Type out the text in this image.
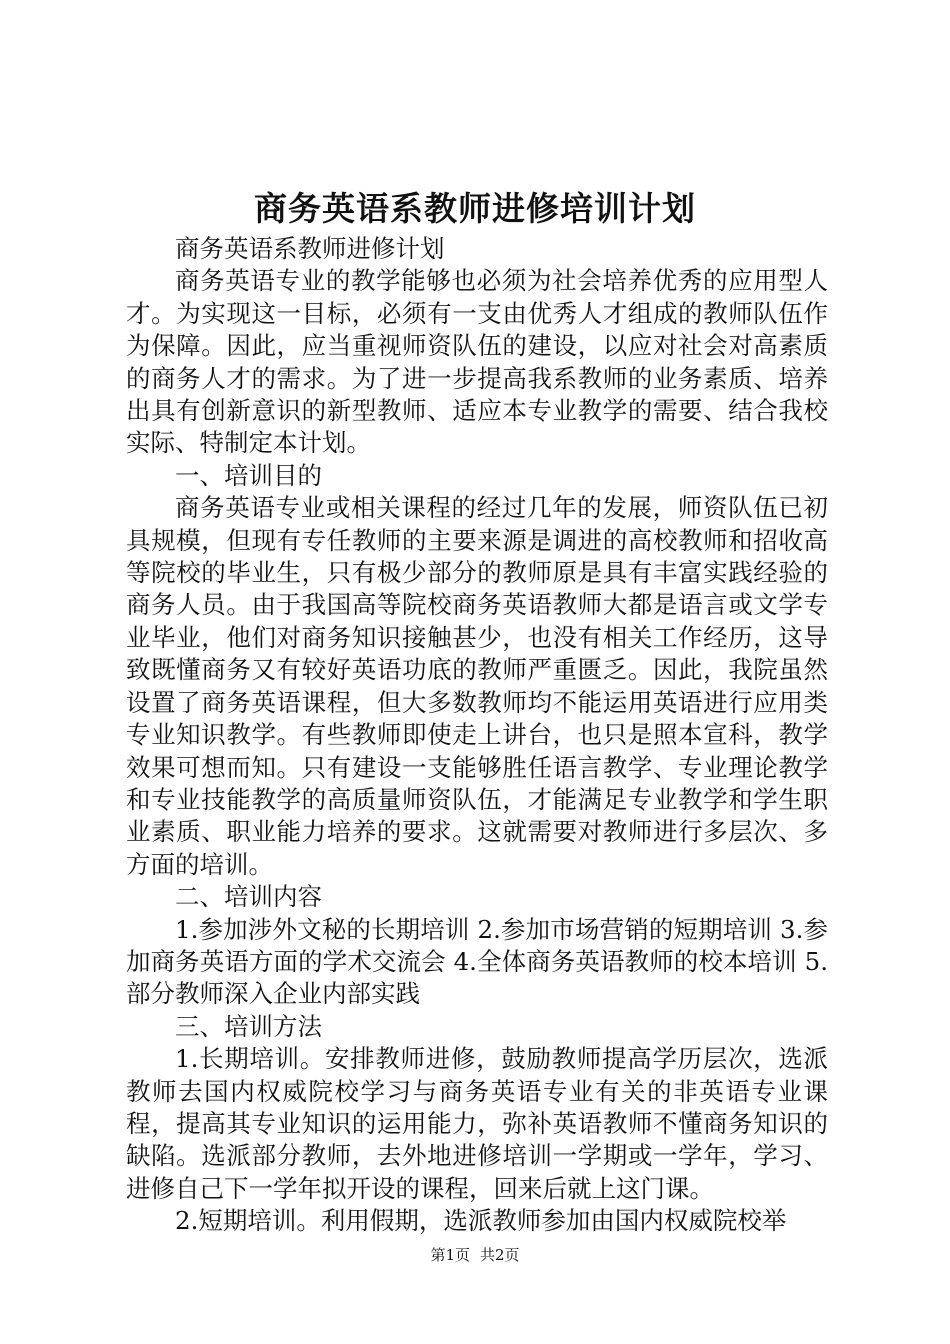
商务英语系教师进修培训计划

商务英语系教师进修计划

商务英语专业的教学能够也必须为社会培养优秀的应用型人才。为实现这一目标，必须有一支由优秀人才组成的教师队伍作为保障。因此，应当重视师资队伍的建设，以应对社会对高素质的商务人才的需求。为了进一步提高我系教师的业务素质、培养出具有创新意识的新型教师、适应本专业教学的需要、结合我校实际、特制定本计划。

一、培训目的

商务英语专业或相关课程的经过几年的发展，师资队伍已初具规模，但现有专任教师的主要来源是调进的高校教师和招收高等院校的毕业生，只有极少部分的教师原是具有丰富实践经验的商务人员。由于我国高等院校商务英语教师大都是语言或文学专业毕业，他们对商务知识接触甚少，也没有相关工作经历，这导致既懂商务又有较好英语功底的教师严重匮乏。因此，我院虽然设置了商务英语课程，但大多数教师均不能运用英语进行应用类专业知识教学。有些教师即使走上讲台，也只是照本宣科，教学效果可想而知。只有建设一支能够胜任语言教学、专业理论教学和专业技能教学的高质量师资队伍，才能满足专业教学和学生职业素质、职业能力培养的要求。这就需要对教师进行多层次、多方面的培训。

二、培训内容

1.参加涉外文秘的长期培训 2.参加市场营销的短期培训 3.参加商务英语方面的学术交流会 4.全体商务英语教师的校本培训 5.部分教师深入企业内部实践

三、培训方法

1.长期培训。安排教师进修，鼓励教师提高学历层次，选派教师去国内权威院校学习与商务英语专业有关的非英语专业课程，提高其专业知识的运用能力，弥补英语教师不懂商务知识的缺陷。选派部分教师，去外地进修培训一学期或一学年，学习、进修自己下一学年拟开设的课程，回来后就上这门课。

2.短期培训。利用假期，选派教师参加由国内权威院校举

第1页 共2页
